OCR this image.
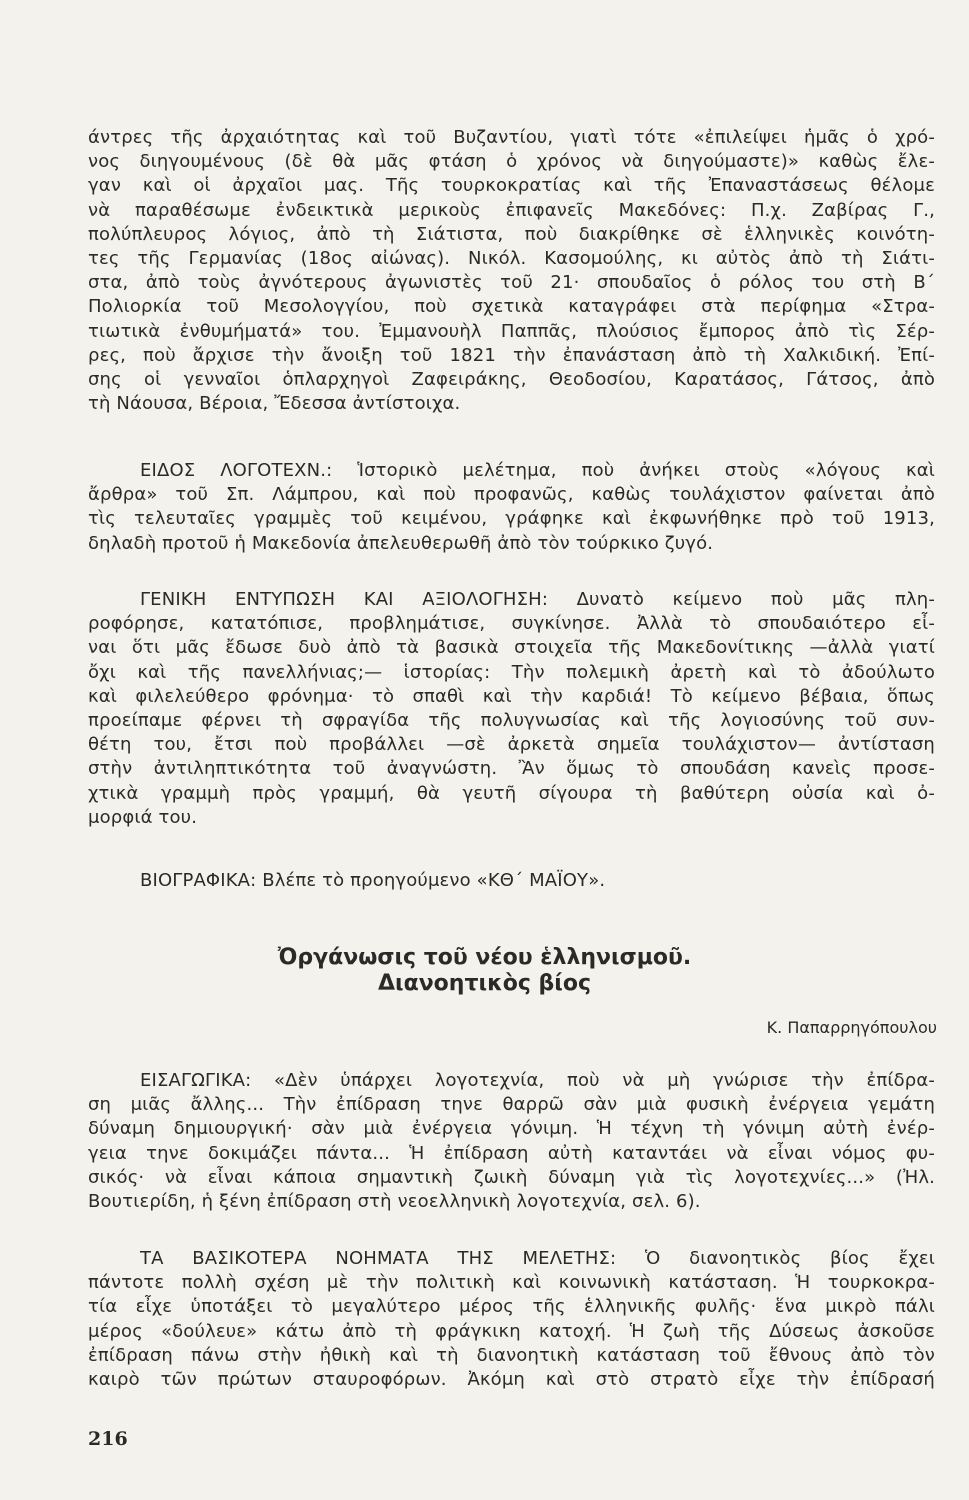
άντρες τῆς ἀρχαιότητας καὶ τοῦ Βυζαντίου, γιατὶ τότε «ἐπιλείψει ἡμᾶς ὁ χρό-
νος διηγουμένους (δὲ θὰ μᾶς φτάση ὁ χρόνος νὰ διηγούμαστε)» καθὼς ἔλε-
γαν καὶ οἱ ἀρχαῖοι μας. Τῆς τουρκοκρατίας καὶ τῆς Ἐπαναστάσεως θέλομε
νὰ παραθέσωμε ἐνδεικτικὰ μερικοὺς ἐπιφανεῖς Μακεδόνες: Π.χ. Ζαβίρας Γ.,
πολύπλευρος λόγιος, ἀπὸ τὴ Σιάτιστα, ποὺ διακρίθηκε σὲ ἑλληνικὲς κοινότη-
τες τῆς Γερμανίας (18ος αἰώνας). Νικόλ. Κασομούλης, κι αὐτὸς ἀπὸ τὴ Σιάτι-
στα, ἀπὸ τοὺς ἀγνότερους ἀγωνιστὲς τοῦ 21· σπουδαῖος ὁ ρόλος του στὴ Β΄
Πολιορκία τοῦ Μεσολογγίου, ποὺ σχετικὰ καταγράφει στὰ περίφημα «Στρα-
τιωτικὰ ἐνθυμήματά» του. Ἐμμανουὴλ Παππᾶς, πλούσιος ἔμπορος ἀπὸ τὶς Σέρ-
ρες, ποὺ ἄρχισε τὴν ἄνοιξη τοῦ 1821 τὴν ἐπανάσταση ἀπὸ τὴ Χαλκιδική. Ἐπί-
σης οἱ γενναῖοι ὁπλαρχηγοὶ Ζαφειράκης, Θεοδοσίου, Καρατάσος, Γάτσος, ἀπὸ
τὴ Νάουσα, Βέροια, Ἔδεσσα ἀντίστοιχα.
ΕΙΔΟΣ ΛΟΓΟΤΕΧΝ.: Ἱστορικὸ μελέτημα, ποὺ ἀνήκει στοὺς «λόγους καὶ
ἄρθρα» τοῦ Σπ. Λάμπρου, καὶ ποὺ προφανῶς, καθὼς τουλάχιστον φαίνεται ἀπὸ
τὶς τελευταῖες γραμμὲς τοῦ κειμένου, γράφηκε καὶ ἐκφωνήθηκε πρὸ τοῦ 1913,
δηλαδὴ προτοῦ ἡ Μακεδονία ἀπελευθερωθῆ ἀπὸ τὸν τούρκικο ζυγό.
ΓΕΝΙΚΗ ΕΝΤΥΠΩΣΗ ΚΑΙ ΑΞΙΟΛΟΓΗΣΗ: Δυνατὸ κείμενο ποὺ μᾶς πλη-
ροφόρησε, κατατόπισε, προβλημάτισε, συγκίνησε. Ἀλλὰ τὸ σπουδαιότερο εἶ-
ναι ὅτι μᾶς ἔδωσε δυὸ ἀπὸ τὰ βασικὰ στοιχεῖα τῆς Μακεδονίτικης —ἀλλὰ γιατί
ὄχι καὶ τῆς πανελλήνιας;— ἱστορίας: Τὴν πολεμικὴ ἀρετὴ καὶ τὸ ἀδούλωτο
καὶ φιλελεύθερο φρόνημα· τὸ σπαθὶ καὶ τὴν καρδιά! Τὸ κείμενο βέβαια, ὅπως
προείπαμε φέρνει τὴ σφραγίδα τῆς πολυγνωσίας καὶ τῆς λογιοσύνης τοῦ συν-
θέτη του, ἔτσι ποὺ προβάλλει —σὲ ἀρκετὰ σημεῖα τουλάχιστον— ἀντίσταση
στὴν ἀντιληπτικότητα τοῦ ἀναγνώστη. Ἂν ὅμως τὸ σπουδάση κανεὶς προσε-
χτικὰ γραμμὴ πρὸς γραμμή, θὰ γευτῆ σίγουρα τὴ βαθύτερη οὐσία καὶ ὀ-
μορφιά του.
ΒΙΟΓΡΑΦΙΚΑ: Βλέπε τὸ προηγούμενο «ΚΘ΄ ΜΑΪΟΥ».
Ὀργάνωσις τοῦ νέου ἑλληνισμοῦ.
Διανοητικὸς βίος
Κ. Παπαρρηγόπουλου
ΕΙΣΑΓΩΓΙΚΑ: «Δὲν ὑπάρχει λογοτεχνία, ποὺ νὰ μὴ γνώρισε τὴν ἐπίδρα-
ση μιᾶς ἄλλης... Τὴν ἐπίδραση τηνε θαρρῶ σὰν μιὰ φυσικὴ ἐνέργεια γεμάτη
δύναμη δημιουργική· σὰν μιὰ ἐνέργεια γόνιμη. Ἡ τέχνη τὴ γόνιμη αὐτὴ ἐνέρ-
γεια τηνε δοκιμάζει πάντα... Ἡ ἐπίδραση αὐτὴ καταντάει νὰ εἶναι νόμος φυ-
σικός· νὰ εἶναι κάποια σημαντικὴ ζωικὴ δύναμη γιὰ τὶς λογοτεχνίες...» (Ἠλ.
Βουτιερίδη, ἡ ξένη ἐπίδραση στὴ νεοελληνικὴ λογοτεχνία, σελ. 6).
ΤΑ ΒΑΣΙΚΟΤΕΡΑ ΝΟΗΜΑΤΑ ΤΗΣ ΜΕΛΕΤΗΣ: Ὁ διανοητικὸς βίος ἔχει
πάντοτε πολλὴ σχέση μὲ τὴν πολιτικὴ καὶ κοινωνικὴ κατάσταση. Ἡ τουρκοκρα-
τία εἶχε ὑποτάξει τὸ μεγαλύτερο μέρος τῆς ἑλληνικῆς φυλῆς· ἕνα μικρὸ πάλι
μέρος «δούλευε» κάτω ἀπὸ τὴ φράγκικη κατοχή. Ἡ ζωὴ τῆς Δύσεως ἀσκοῦσε
ἐπίδραση πάνω στὴν ἠθικὴ καὶ τὴ διανοητικὴ κατάσταση τοῦ ἔθνους ἀπὸ τὸν
καιρὸ τῶν πρώτων σταυροφόρων. Ἀκόμη καὶ στὸ στρατὸ εἶχε τὴν ἐπίδρασή
216
